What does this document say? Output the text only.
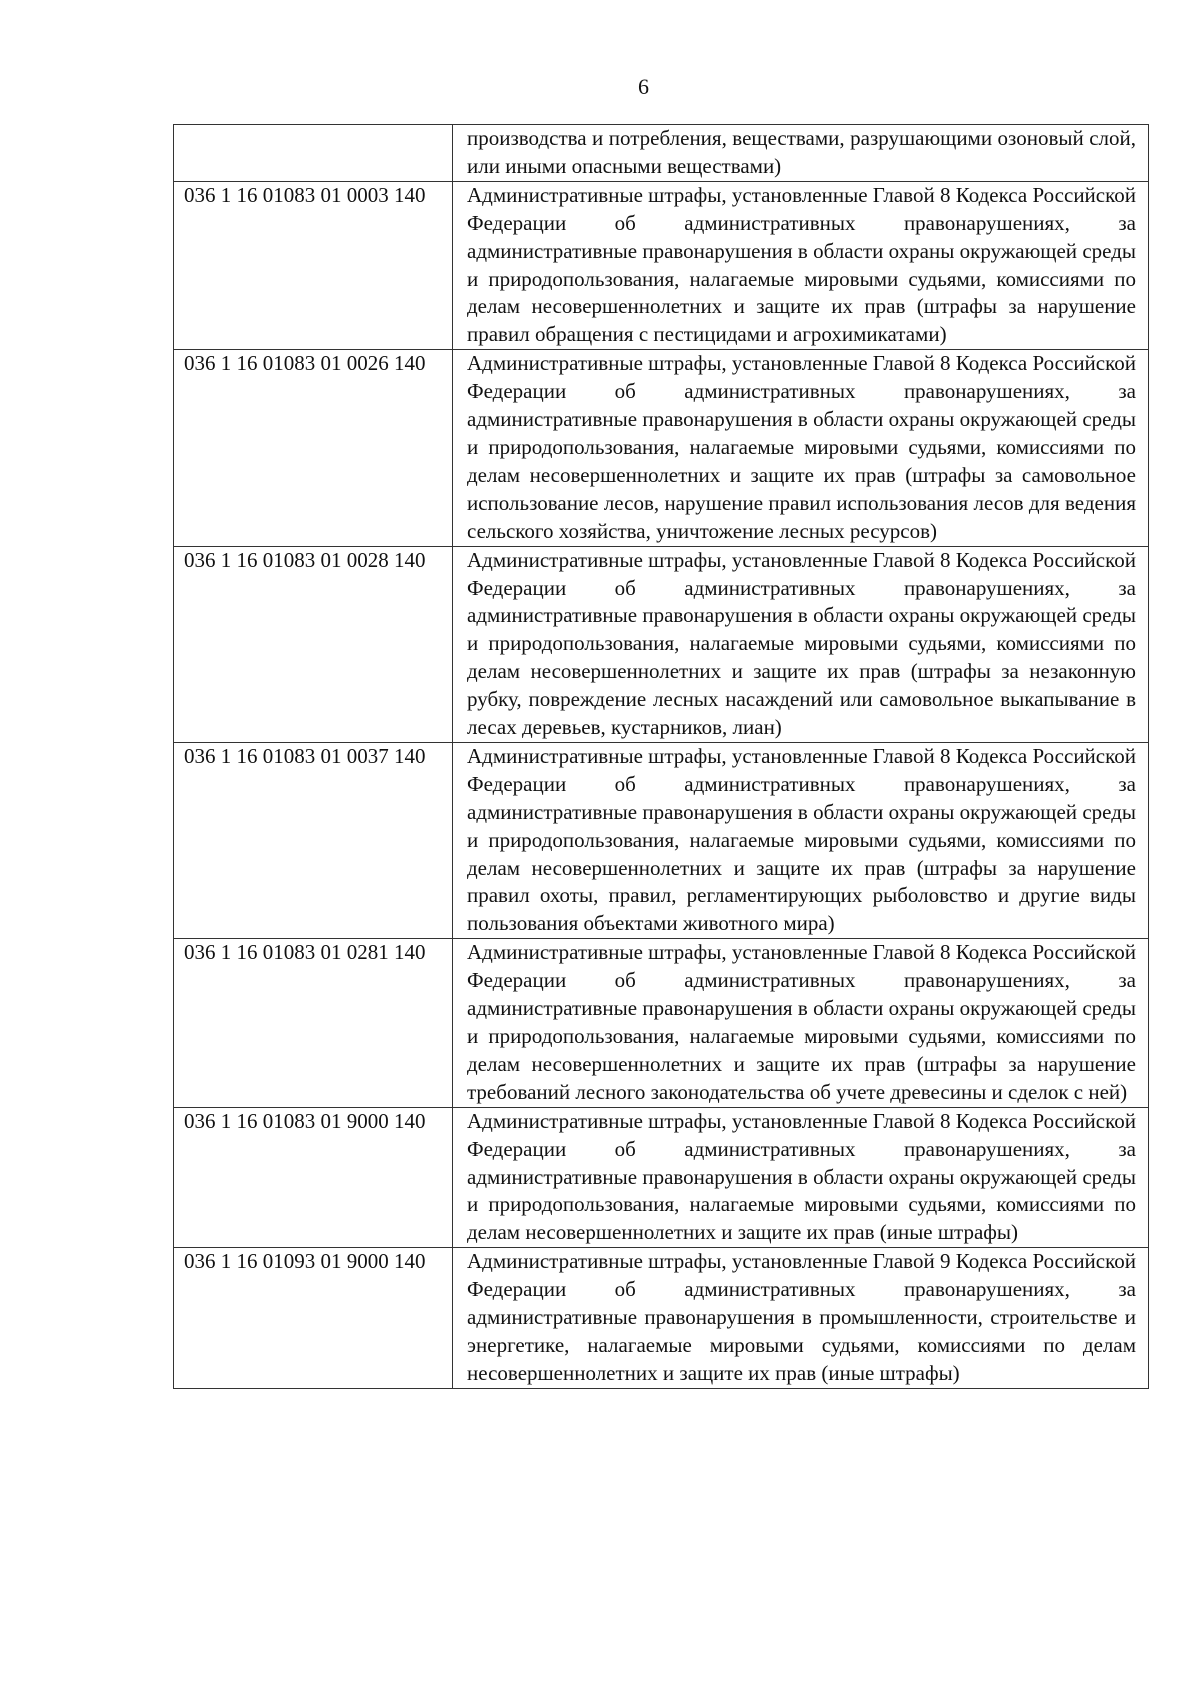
6
	производства и потребления, веществами, разрушающими озоновый слой, или иными опасными веществами)
036 1 16 01083 01 0003 140	Административные штрафы, установленные Главой 8 Кодекса Российской Федерации об административных правонарушениях, за административные правонарушения в области охраны окружающей среды и природопользования, налагаемые мировыми судьями, комиссиями по делам несовершеннолетних и защите их прав (штрафы за нарушение правил обращения с пестицидами и агрохимикатами)
036 1 16 01083 01 0026 140	Административные штрафы, установленные Главой 8 Кодекса Российской Федерации об административных правонарушениях, за административные правонарушения в области охраны окружающей среды и природопользования, налагаемые мировыми судьями, комиссиями по делам несовершеннолетних и защите их прав (штрафы за самовольное использование лесов, нарушение правил использования лесов для ведения сельского хозяйства, уничтожение лесных ресурсов)
036 1 16 01083 01 0028 140	Административные штрафы, установленные Главой 8 Кодекса Российской Федерации об административных правонарушениях, за административные правонарушения в области охраны окружающей среды и природопользования, налагаемые мировыми судьями, комиссиями по делам несовершеннолетних и защите их прав (штрафы за незаконную рубку, повреждение лесных насаждений или самовольное выкапывание в лесах деревьев, кустарников, лиан)
036 1 16 01083 01 0037 140	Административные штрафы, установленные Главой 8 Кодекса Российской Федерации об административных правонарушениях, за административные правонарушения в области охраны окружающей среды и природопользования, налагаемые мировыми судьями, комиссиями по делам несовершеннолетних и защите их прав (штрафы за нарушение правил охоты, правил, регламентирующих рыболовство и другие виды пользования объектами животного мира)
036 1 16 01083 01 0281 140	Административные штрафы, установленные Главой 8 Кодекса Российской Федерации об административных правонарушениях, за административные правонарушения в области охраны окружающей среды и природопользования, налагаемые мировыми судьями, комиссиями по делам несовершеннолетних и защите их прав (штрафы за нарушение требований лесного законодательства об учете древесины и сделок с ней)
036 1 16 01083 01 9000 140	Административные штрафы, установленные Главой 8 Кодекса Российской Федерации об административных правонарушениях, за административные правонарушения в области охраны окружающей среды и природопользования, налагаемые мировыми судьями, комиссиями по делам несовершеннолетних и защите их прав (иные штрафы)
036 1 16 01093 01 9000 140	Административные штрафы, установленные Главой 9 Кодекса Российской Федерации об административных правонарушениях, за административные правонарушения в промышленности, строительстве и энергетике, налагаемые мировыми судьями, комиссиями по делам несовершеннолетних и защите их прав (иные штрафы)
